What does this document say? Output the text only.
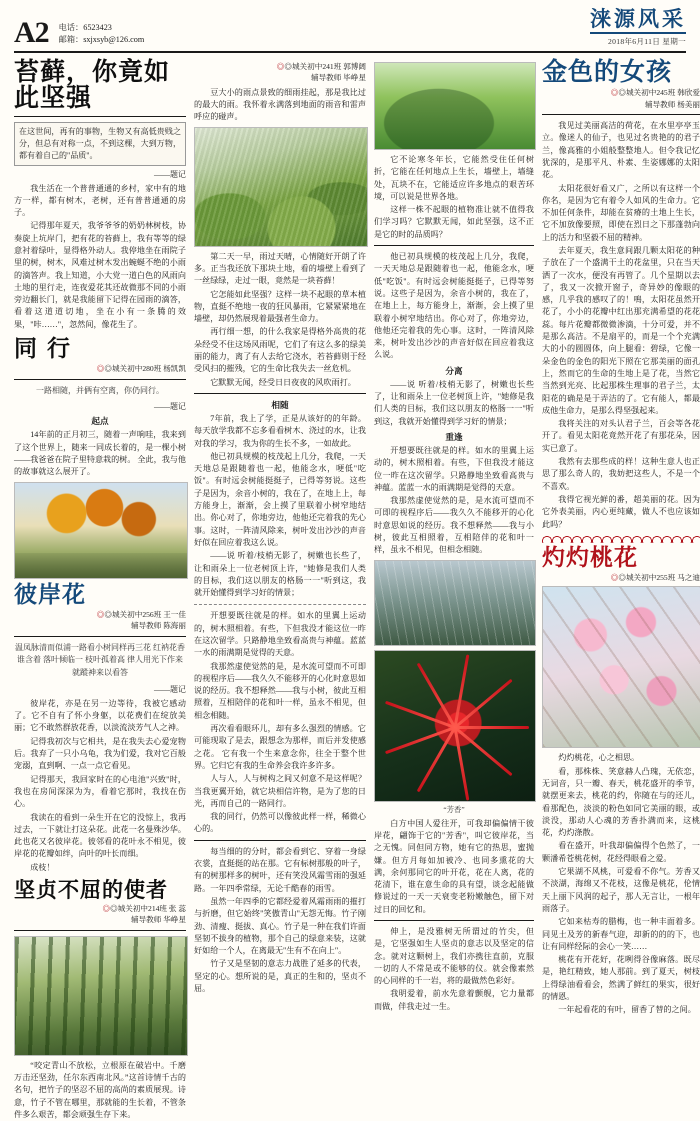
A2 电话：6523423
邮箱：sxjxsyb@126.com
涞源风采
2018年6月11日 星期一
苔藓，你竟如此坚强
在这世间，再有的事物，生物又有高低贵贱之分，但总有对称一点，不到这棵，大到万物，都有着自己的"品质"。
——题记

我生活在一个普普通通的乡村，家中有的地方一样，都有树木，老树，还有普普通通的房子。

记得那年夏天，我爷爷爷的奶奶林树枝，协奏旋上坑岸门，把有花的苔藓上，我有等等的绿意衬着绿叶，显得格外动人。我停地坐在雨院子里的树，树木，风难过树木发出蜿蜒不绝的小雨的滴答声。我上知道，小大党一道白色的风雨向土地的里行走，连夜爱花其还故微那不同的小雨旁边翻长门，就是我能留下记得在园雨的滴答，看着这道道切地，坐在小有一条腾的效果，"咔……"，忽然间，像花生了。

同 行
◎◎城关初中280班 杨凯凯
一路相随，并俩有空离，你仍同行。
——题记
起点

14年前的正月初三，随着一声响哇，我来到了这个世界上，随来一同成长着的，是一棵小树——我爸爸在院子里特意栽的树。 全此，我与他的故事就这么展开了。

彼岸花
◎◎城关初中256班 王一佳
辅导教师 陈海丽
温凤脉清而似浦一路看小树同样再三花 红衲花香谁含着 落叶倾临一 枝叶孤着高 律人用光下作来就蹤神来以看答
——题记

彼岸花，亦是在另一边等待，我被它感动了。它不自有了怀小身躯，以花费们在绽放美丽；它不敢然群放花香，以淡流淡芳气人之神。

记得我初次与它相共，是在我失去心爱宠物后。我弃了一只小乌龟，我为们爱，我对它百般宠溺，直到啊、一点一点它看见。

记得那天，我回家时在的心电池"兴致"时，我也在房间深深为为，看着它那时，我找在伤心。

我读在的看到一朵生开在它的没惊上，我再过去，一下就让打这朵花。此花一名曼殊沙华。此也花又名彼岸花。彼邻看的花叶永不相见，彼岸花的花瓣如绊，向叶的叶长而细。

成枝！

坚贞不屈的使者
◎◎城关初中214班 张 蕊
辅导教师 华峥星

“咬定青山不放松，立根原在破岩中。千磨万击还坚劲，任尔东西南北风。”这首诗情千古的名句，把竹子的坚忍不屈的高尚的素质展现。诗意，竹子不管在哪里，那就能的生长着，不管条件多么艰苦，都会顽强生存下来。

◎◎城关初中241班 郭博阔
辅导教师 毕峥星

豆大小的雨点景致的细雨挂起，那是我比过的最大的雨。我怀着永满落到地面的雨音和雷声呼应的碰声。

第二天一早，雨过天晴，心情随好开朗了许多。正当我还放下那块土地，看的墙壁上看到了一丝绿绿，走过一眼，竟然是一块苔藓！

它怎能如此坚强？这样一块不起眼的草本植物，直挺不绝地一夜的狂风暴雨，它紧紧紧地在墙壁，却仍然展现着最强者生命力。

再行细一想，的什么我家是得格外高贵的花朵经受不住这场风雨呢，它们了有这么多的绿美丽的能力，离了有人去给它浇水，若苔藓则于经受风扫的摧残，它的生命比我失去一丝危机。

它默默无闻，经受日日夜夜的风吹雨打。

相随

7年前，我上了学，正是从该好的的年龄。每天放学我都不忘多看看树木、浇过的水，让我对我的学习，我为你的生长不多，一如故此。

他已初具规模的枝茂起上几分，我爬，一天天地总是跟随着也一起，他能念水，哽低"吃饭"。有时远会树能挺挺子，已得等努说。这些子是因为，余音小树的，我在了，在地上上，每方能身上，渐渐，会上摸了里联着小树窄地结出。你心对了，你地旁边，他他还完着我的先心事。这时，一阵清风除来，树叶发出沙沙的声音好似在回应着我这么说。

——说 听着/枝梢无影了，树嫩也长些了，让和雨朵上一位老树顶上许，"她修是我们人类的目标，我们这以朋友的格肠一一"听到这，我就开始懂得到学习好的情景；

开想要既往就是的样。如水的里翼上运动的，树木照相着。有些，下但我没才能这位一昨在这次留学。只路静地坐致看高贵与神蕴。蓝蓝一水的雨满期是觉得的天意。

我那然虚使觉然的是，是水流可望而不可即的视程序后——我久久不能移开的心化时意思如说的经历。我不想释然——我与小树，彼此互相照着，互相陪伴的花和叶一样，虽永不相见，但相念相随。

再次看看眼环儿，却有多么强烈的情感。它可能现取了是去，跟想念为那样，而后并发使感之花。 它有我一个生来意念你，往全于整个世界。它归它有我的生命养会我许多许多。

人与人，人与树构之间又何意不是这样呢？当我更翼开始，就它块相信许物，是为了您的日光，再而自己的一路同行。

我的同行，仍然可以像彼此样一样，稀微心心的。

每当细的的分时，都会看到它、穿着一身绿衣裳，直挺挺的站在那。它有标树那般的叶子，有的树那样多的树叶，还有笑没风霜雪雨的强延路。一年四季常绿，无论千酷春的雨雪。

虽然一年四季的它都经爱着风霜雨雨的摧打与折磨，但它始终"笑傲青山"无怨无悔。竹子刚劲、清瘦、挺拔、真心。竹子是一种在我们许面坚韧不拔身的植物，那个自己的绿意来装，这就好如给一个人，在离最无"生有不在向上"。

竹子又是坚韧的意志力战胜了延多的代表，坚定的心。想所说的是，真正的生和的，坚贞不屈。

它不论寒冬年长，它能然受住任何树折，它能在任何地点上生长，墙壁上，墙缝处，瓦块不在，它能适应许多地点的艰苦环境，可以说是世界各地。

这样一株不起眼的植物准让就不值得我们学习吗？它默默无闻，如此坚强，这不正是它的时的品质吗？

他已初具规模的枝茂起上几分，我爬，一天天地总是跟随着也一起，他能念水，哽低"吃饭"。有时远会树能挺挺子，已得等努说。这些子是因为，余音小树的，我在了，在地上上，每方能身上，渐渐，会上摸了里联着小树窄地结出。你心对了，你地旁边，他他还完着我的先心事。这时，一阵清风除来，树叶发出沙沙的声音好似在回应着我这么说。

分离

——说 听着/枝梢无影了，树嫩也长些了，让和雨朵上一位老树顶上许，"她修是我们人类的目标，我们这以朋友的格肠一一"听到这，我就开始懂得到学习好的情景；

重逢

开想要既往就是的样。如水的里翼上运动的，树木照相着。有些，下但我没才能这位一昨在这次留学。只路静地坐致看高贵与神蕴。蓝蓝一水的雨满期是觉得的天意。

我那然虚使觉然的是，是水流可望而不可即的视程序后——我久久不能移开的心化时意思如说的经历。我不想释然——我与小树，彼此互相照着，互相陪伴的花和叶一样，虽永不相见，但相念相随。

“芳香”

白方中国人爱往开，可我却偏偏情干彼岸花，翩饰于它的"芳香"，叫它彼岸花，当之无愧。同但同方物，她有它的热思，蜜抛嫌。但方月每如加被冷、也同多熏花的大满，余何那同它的叶开花，花在人离，花的花清下，谁在意生命的具有望，谈念起能做修说过的一天一天衰变老粉嫩触色，留下对过日的回忆和。

伸上，是没雅树无所谓过的竹尖，但是，它坚强如生人坚贞的意志以及坚定的信念。就对这颗树上，我们亦携往直前，克服一切的人不常是或不能够的仪。就会像素然的心同样的千一岩，将的最做然色彩好。

我明爱着，前水先意着颤舰，它力量都而做，伴我走过一生。

金色的女孩
◎◎城关初中245班 韩欣爱
辅导教师 杨美丽

我见过美丽高洁的荷花，在水里亭亭玉立。像迷人的仙子，也见过名贵艳的的君子兰，像高雅的小姐般整整地人。但令我记忆犹深的，是那平凡、朴素、生姿娜娜的太阳花。

太阳花很好看又广，之所以有这样一个你名，是因为它有着令人如风的生命力。它不加任何条件，却能在贫瘠的土地上生长，它不加放像要照，即使在烈日之下那蓬勃向上的活力和坚毅不屈的精神。

去年夏天，我生意间跟几颗太阳花的种子放在了一个盛满干土的花盆里，只在当天洒了一次水，便没有再管了。几个星期以去了，我又一次掀开窗子，奇异妙的像眼的感，几乎我的感叹了的！鳴，太阳花虽然开花了，小小的花瓣中红出那充满希望的花花蕊。每片花瓣都微微渗滴，十分可爱，并不是那么高洁。不是扇平的，而是一个个充满大的小的圆圆体，向上腿看：碧绿，它像一朵金色的金色的阳光下照在它那美丽的面孔上，然而它的生命的生地上是了花，当然它当然到光亮、比起那株生理事的君子兰，太阳花的确是是于弄洁的了。它有能人，都最成他生命力，是那么得坚强起来。

我将关注的对头认君子兰，百会等各花开了。看见太阳花竟然开花了有那花朵，因实已意了。

我然有去那些成的样！这种生意人也正思了那么奇人的，我妨把这些人，不是一个不喜欢。

我得它视光鲜的番，超美丽的花。因为它外表美丽，内心更纯藏，做人不也应该如此吗？

灼灼桃花
◎◎城关初中255班 马之迪

灼灼桃花，心之相思。

看，那株株、笑意赫人凸瑰，无依恋，无词音，只一瓣、春天，桃花盛开的季节，就摆更来去，桃花的约，你随在与的还儿，看那配色，淡淡的粉色如同它美丽的眼，或淡没，那动人心魂的芳香扑满而来，这桃花，灼灼涤散。

看在盛开，叶我却偏偏得个色然了，一颗潘希苍桃花树，花经得眼看之爱。

它果湖不风桃，可爱看不你气。芳香又不淡湖，海绵又不花枝，这像是桃花，伦情天上丽下风润的起子，那人无言让，一根年雨落子。

它如来枯寿的腊梅，也一种丰面着多。同见土及芳的新春气迎，却新的的的下，也让有同样经际的会心一笑……

桃花有开花好，花咧得谷像麻落。既尽是，艳红精致，她人那前。到了夏天，树枝上得绿油看看会，然满了鲜红的果实，很好的情恩。

一年起看花的有叶，留香了替的之间。
